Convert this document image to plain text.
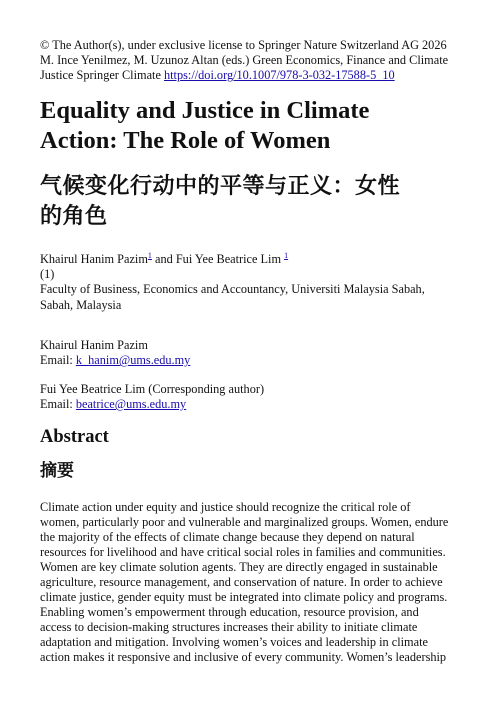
© The Author(s), under exclusive license to Springer Nature Switzerland AG 2026
M. Ince Yenilmez, M. Uzunoz Altan (eds.) Green Economics, Finance and Climate
Justice Springer Climate https://doi.org/10.1007/978-3-032-17588-5_10
Equality and Justice in Climate
Action: The Role of Women
气候变化行动中的平等与正义：女性
的角色
Khairul Hanim Pazim$^1$ and Fui Yee Beatrice Lim $^1$
(1)
Faculty of Business, Economics and Accountancy, Universiti Malaysia Sabah,
Sabah, Malaysia
Khairul Hanim Pazim
Email: k_hanim@ums.edu.my
Fui Yee Beatrice Lim (Corresponding author)
Email: beatrice@ums.edu.my
Abstract
摘要
Climate action under equity and justice should recognize the critical role of
women, particularly poor and vulnerable and marginalized groups. Women, endure
the majority of the effects of climate change because they depend on natural
resources for livelihood and have critical social roles in families and communities.
Women are key climate solution agents. They are directly engaged in sustainable
agriculture, resource management, and conservation of nature. In order to achieve
climate justice, gender equity must be integrated into climate policy and programs.
Enabling women’s empowerment through education, resource provision, and
access to decision-making structures increases their ability to initiate climate
adaptation and mitigation. Involving women’s voices and leadership in climate
action makes it responsive and inclusive of every community. Women’s leadership
